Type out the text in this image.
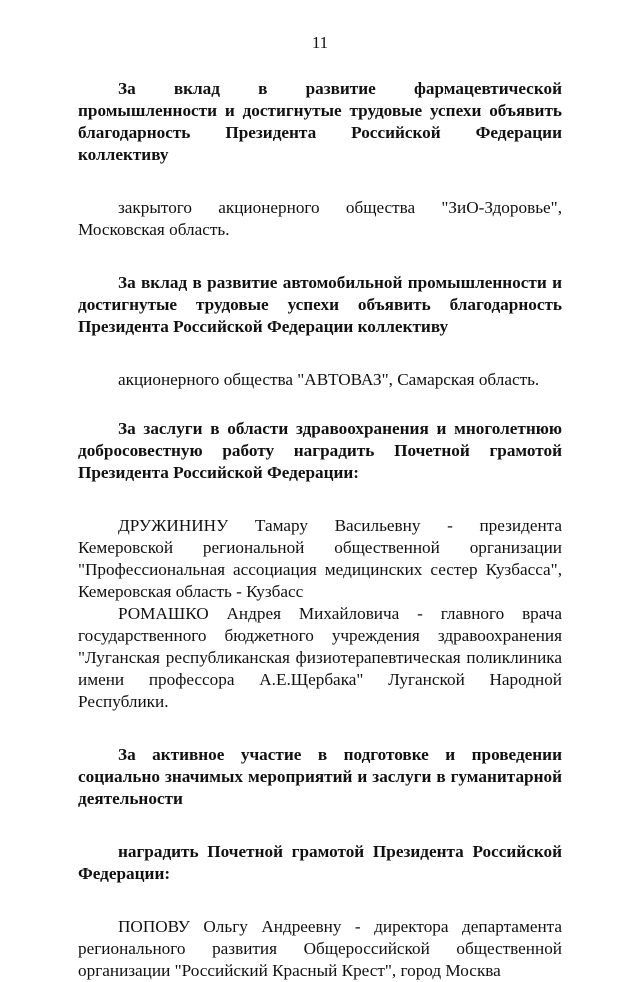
11

За вклад в развитие фармацевтической промышленности и достигнутые трудовые успехи объявить благодарность Президента Российской Федерации коллективу

закрытого акционерного общества "ЗиО-Здоровье", Московская область.

За вклад в развитие автомобильной промышленности и достигнутые трудовые успехи объявить благодарность Президента Российской Федерации коллективу

акционерного общества "АВТОВАЗ", Самарская область.

За заслуги в области здравоохранения и многолетнюю добросовестную работу наградить Почетной грамотой Президента Российской Федерации:

ДРУЖИНИНУ Тамару Васильевну - президента Кемеровской региональной общественной организации "Профессиональная ассоциация медицинских сестер Кузбасса", Кемеровская область - Кузбасс

РОМАШКО Андрея Михайловича - главного врача государственного бюджетного учреждения здравоохранения "Луганская республиканская физиотерапевтическая поликлиника имени профессора А.Е.Щербака" Луганской Народной Республики.

За активное участие в подготовке и проведении социально значимых мероприятий и заслуги в гуманитарной деятельности

наградить Почетной грамотой Президента Российской Федерации:

ПОПОВУ Ольгу Андреевну - директора департамента регионального развития Общероссийской общественной организации "Российский Красный Крест", город Москва
